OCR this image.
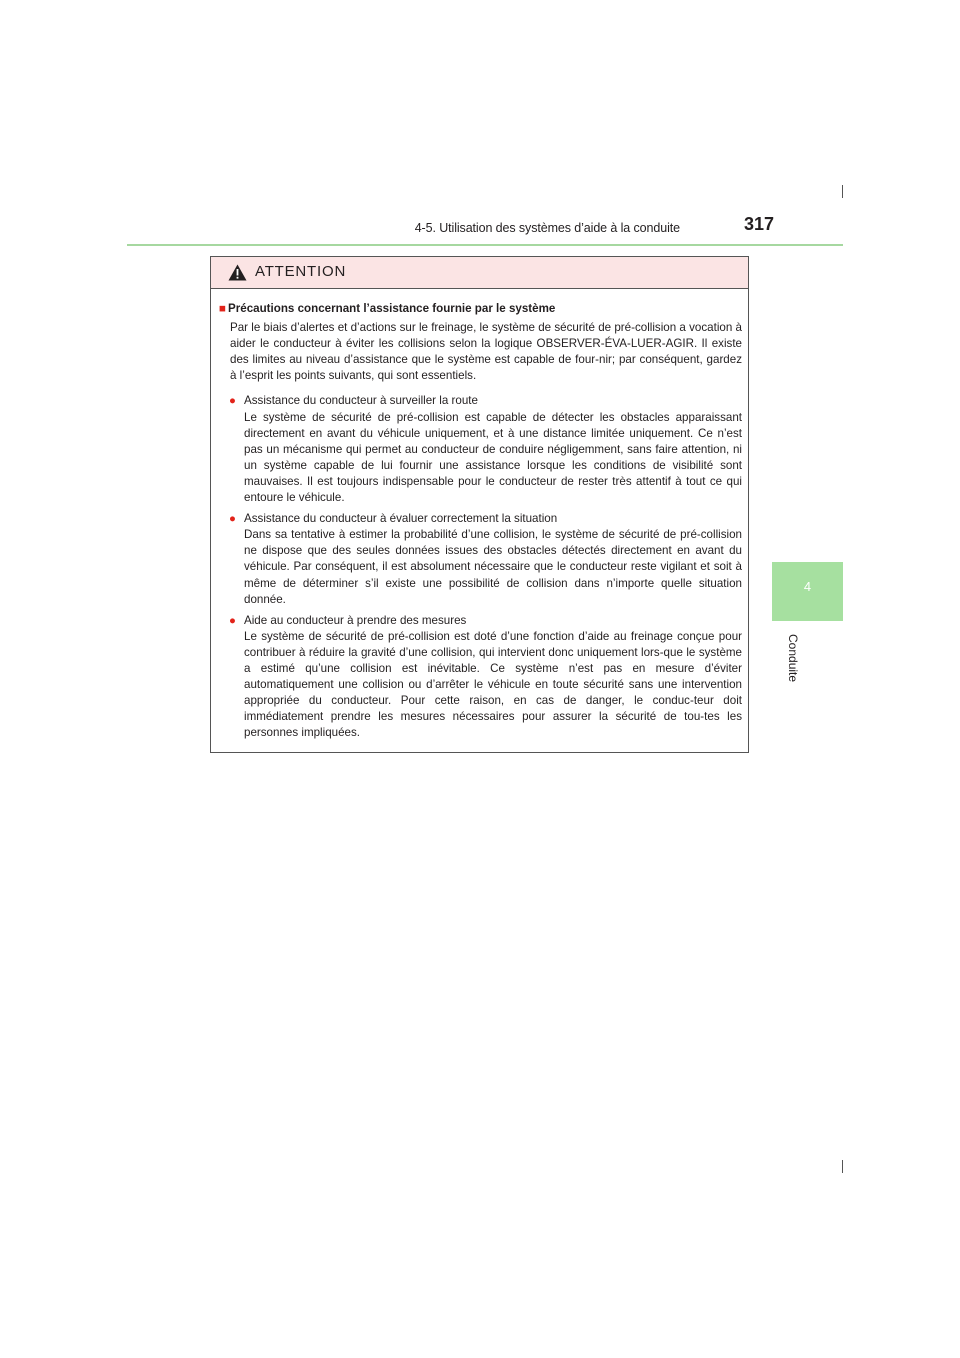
4-5. Utilisation des systèmes d’aide à la conduite	317
4
Conduite
ATTENTION
■ Précautions concernant l’assistance fournie par le système
Par le biais d’alertes et d’actions sur le freinage, le système de sécurité de pré-collision a vocation à aider le conducteur à éviter les collisions selon la logique OBSERVER-ÉVA-LUER-AGIR. Il existe des limites au niveau d’assistance que le système est capable de four-nir; par conséquent, gardez à l’esprit les points suivants, qui sont essentiels.
● Assistance du conducteur à surveiller la route
Le système de sécurité de pré-collision est capable de détecter les obstacles apparaissant directement en avant du véhicule uniquement, et à une distance limitée uniquement. Ce n’est pas un mécanisme qui permet au conducteur de conduire négligemment, sans faire attention, ni un système capable de lui fournir une assistance lorsque les conditions de visibilité sont mauvaises. Il est toujours indispensable pour le conducteur de rester très attentif à tout ce qui entoure le véhicule.
● Assistance du conducteur à évaluer correctement la situation
Dans sa tentative à estimer la probabilité d’une collision, le système de sécurité de pré-collision ne dispose que des seules données issues des obstacles détectés directement en avant du véhicule. Par conséquent, il est absolument nécessaire que le conducteur reste vigilant et soit à même de déterminer s’il existe une possibilité de collision dans n’importe quelle situation donnée.
● Aide au conducteur à prendre des mesures
Le système de sécurité de pré-collision est doté d’une fonction d’aide au freinage conçue pour contribuer à réduire la gravité d’une collision, qui intervient donc uniquement lors-que le système a estimé qu’une collision est inévitable. Ce système n’est pas en mesure d’éviter automatiquement une collision ou d’arrêter le véhicule en toute sécurité sans une intervention appropriée du conducteur. Pour cette raison, en cas de danger, le conduc-teur doit immédiatement prendre les mesures nécessaires pour assurer la sécurité de tou-tes les personnes impliquées.
